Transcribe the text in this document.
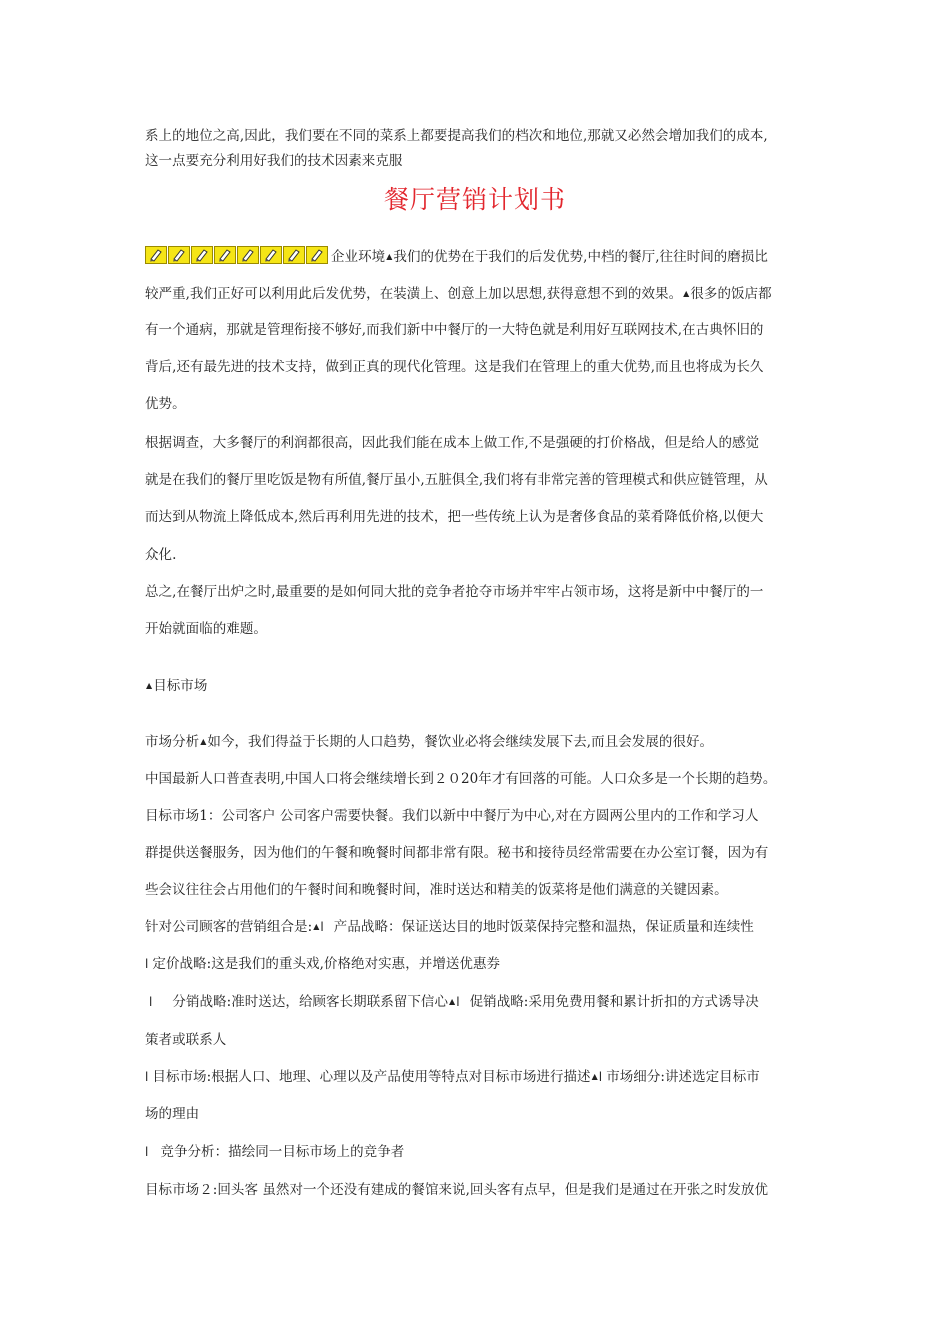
系上的地位之高,因此，我们要在不同的菜系上都要提高我们的档次和地位,那就又必然会增加我们的成本,
这一点要充分利用好我们的技术因素来克服
餐厅营销计划书
企业环境▲我们的优势在于我们的后发优势,中档的餐厅,往往时间的磨损比
较严重,我们正好可以利用此后发优势，在装潢上、创意上加以思想,获得意想不到的效果。▲很多的饭店都
有一个通病，那就是管理衔接不够好,而我们新中中餐厅的一大特色就是利用好互联网技术,在古典怀旧的
背后,还有最先进的技术支持，做到正真的现代化管理。这是我们在管理上的重大优势,而且也将成为长久
优势。
根据调查，大多餐厅的利润都很高，因此我们能在成本上做工作,不是强硬的打价格战，但是给人的感觉
就是在我们的餐厅里吃饭是物有所值,餐厅虽小,五脏俱全,我们将有非常完善的管理模式和供应链管理，从
而达到从物流上降低成本,然后再利用先进的技术，把一些传统上认为是奢侈食品的菜肴降低价格,以便大
众化.
总之,在餐厅出炉之时,最重要的是如何同大批的竞争者抢夺市场并牢牢占领市场，这将是新中中餐厅的一
开始就面临的难题。
▲目标市场
市场分析▲如今，我们得益于长期的人口趋势，餐饮业必将会继续发展下去,而且会发展的很好。
中国最新人口普查表明,中国人口将会继续增长到２０20年才有回落的可能。人口众多是一个长期的趋势。
目标市场1：公司客户 公司客户需要快餐。我们以新中中餐厅为中心,对在方圆两公里内的工作和学习人
群提供送餐服务，因为他们的午餐和晚餐时间都非常有限。秘书和接待员经常需要在办公室订餐，因为有
些会议往往会占用他们的午餐时间和晚餐时间，准时送达和精美的饭菜将是他们满意的关键因素。
针对公司顾客的营销组合是:▲l 产品战略：保证送达目的地时饭菜保持完整和温热，保证质量和连续性
l 定价战略:这是我们的重头戏,价格绝对实惠，并增送优惠券
l 分销战略:准时送达，给顾客长期联系留下信心▲l 促销战略:采用免费用餐和累计折扣的方式诱导决
策者或联系人
l 目标市场:根据人口、地理、心理以及产品使用等特点对目标市场进行描述▲l 市场细分:讲述选定目标市
场的理由
l 竞争分析：描绘同一目标市场上的竞争者
目标市场２:回头客 虽然对一个还没有建成的餐馆来说,回头客有点早，但是我们是通过在开张之时发放优
